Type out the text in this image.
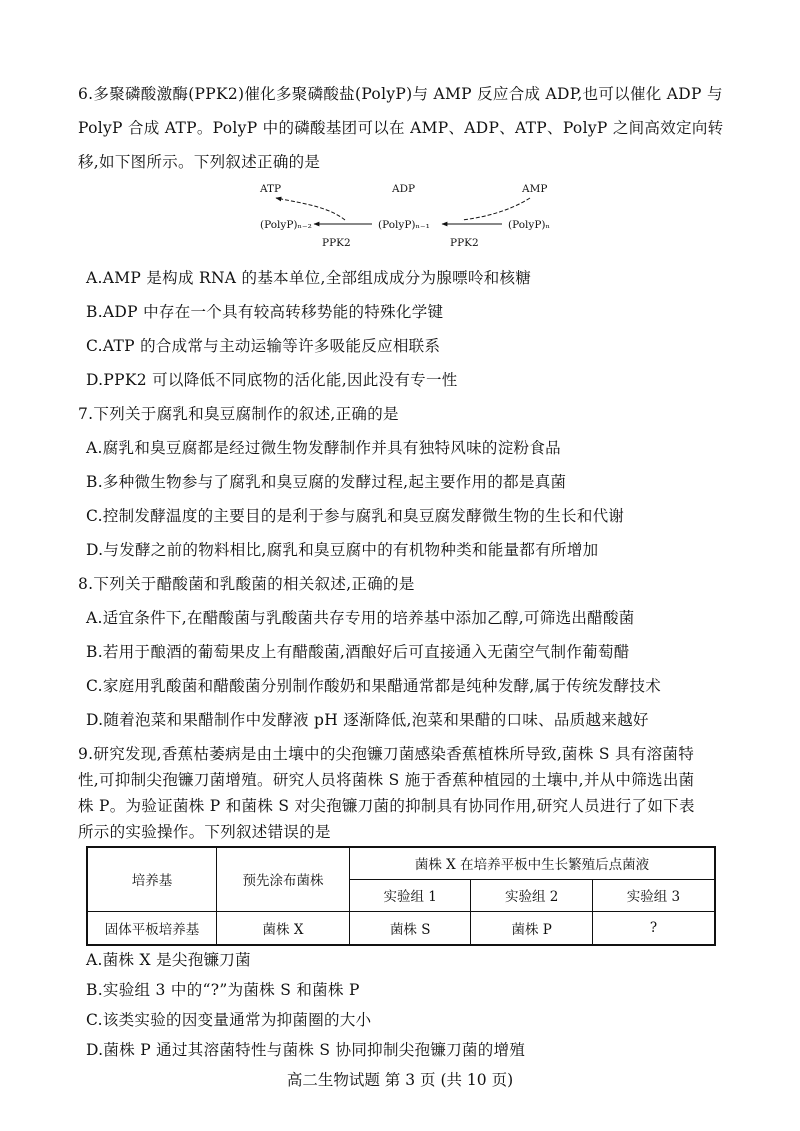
6.多聚磷酸激酶(PPK2)催化多聚磷酸盐(PolyP)与 AMP 反应合成 ADP,也可以催化 ADP 与
PolyP 合成 ATP。PolyP 中的磷酸基团可以在 AMP、ADP、ATP、PolyP 之间高效定向转
移,如下图所示。下列叙述正确的是
ATP	ADP	AMP
(PolyP)ₙ₋₂	(PolyP)ₙ₋₁	(PolyP)ₙ
PPK2	PPK2
A.AMP 是构成 RNA 的基本单位,全部组成成分为腺嘌呤和核糖
B.ADP 中存在一个具有较高转移势能的特殊化学键
C.ATP 的合成常与主动运输等许多吸能反应相联系
D.PPK2 可以降低不同底物的活化能,因此没有专一性
7.下列关于腐乳和臭豆腐制作的叙述,正确的是
A.腐乳和臭豆腐都是经过微生物发酵制作并具有独特风味的淀粉食品
B.多种微生物参与了腐乳和臭豆腐的发酵过程,起主要作用的都是真菌
C.控制发酵温度的主要目的是利于参与腐乳和臭豆腐发酵微生物的生长和代谢
D.与发酵之前的物料相比,腐乳和臭豆腐中的有机物种类和能量都有所增加
8.下列关于醋酸菌和乳酸菌的相关叙述,正确的是
A.适宜条件下,在醋酸菌与乳酸菌共存专用的培养基中添加乙醇,可筛选出醋酸菌
B.若用于酿酒的葡萄果皮上有醋酸菌,酒酿好后可直接通入无菌空气制作葡萄醋
C.家庭用乳酸菌和醋酸菌分别制作酸奶和果醋通常都是纯种发酵,属于传统发酵技术
D.随着泡菜和果醋制作中发酵液 pH 逐渐降低,泡菜和果醋的口味、品质越来越好
9.研究发现,香蕉枯萎病是由土壤中的尖孢镰刀菌感染香蕉植株所导致,菌株 S 具有溶菌特
性,可抑制尖孢镰刀菌增殖。研究人员将菌株 S 施于香蕉种植园的土壤中,并从中筛选出菌
株 P。为验证菌株 P 和菌株 S 对尖孢镰刀菌的抑制具有协同作用,研究人员进行了如下表
所示的实验操作。下列叙述错误的是
培养基	预先涂布菌株	菌株 X 在培养平板中生长繁殖后点菌液		
		实验组 1	实验组 2	实验组 3
固体平板培养基	菌株 X	菌株 S	菌株 P	?
A.菌株 X 是尖孢镰刀菌
B.实验组 3 中的“?”为菌株 S 和菌株 P
C.该类实验的因变量通常为抑菌圈的大小
D.菌株 P 通过其溶菌特性与菌株 S 协同抑制尖孢镰刀菌的增殖
高二生物试题 第 3 页 (共 10 页)
